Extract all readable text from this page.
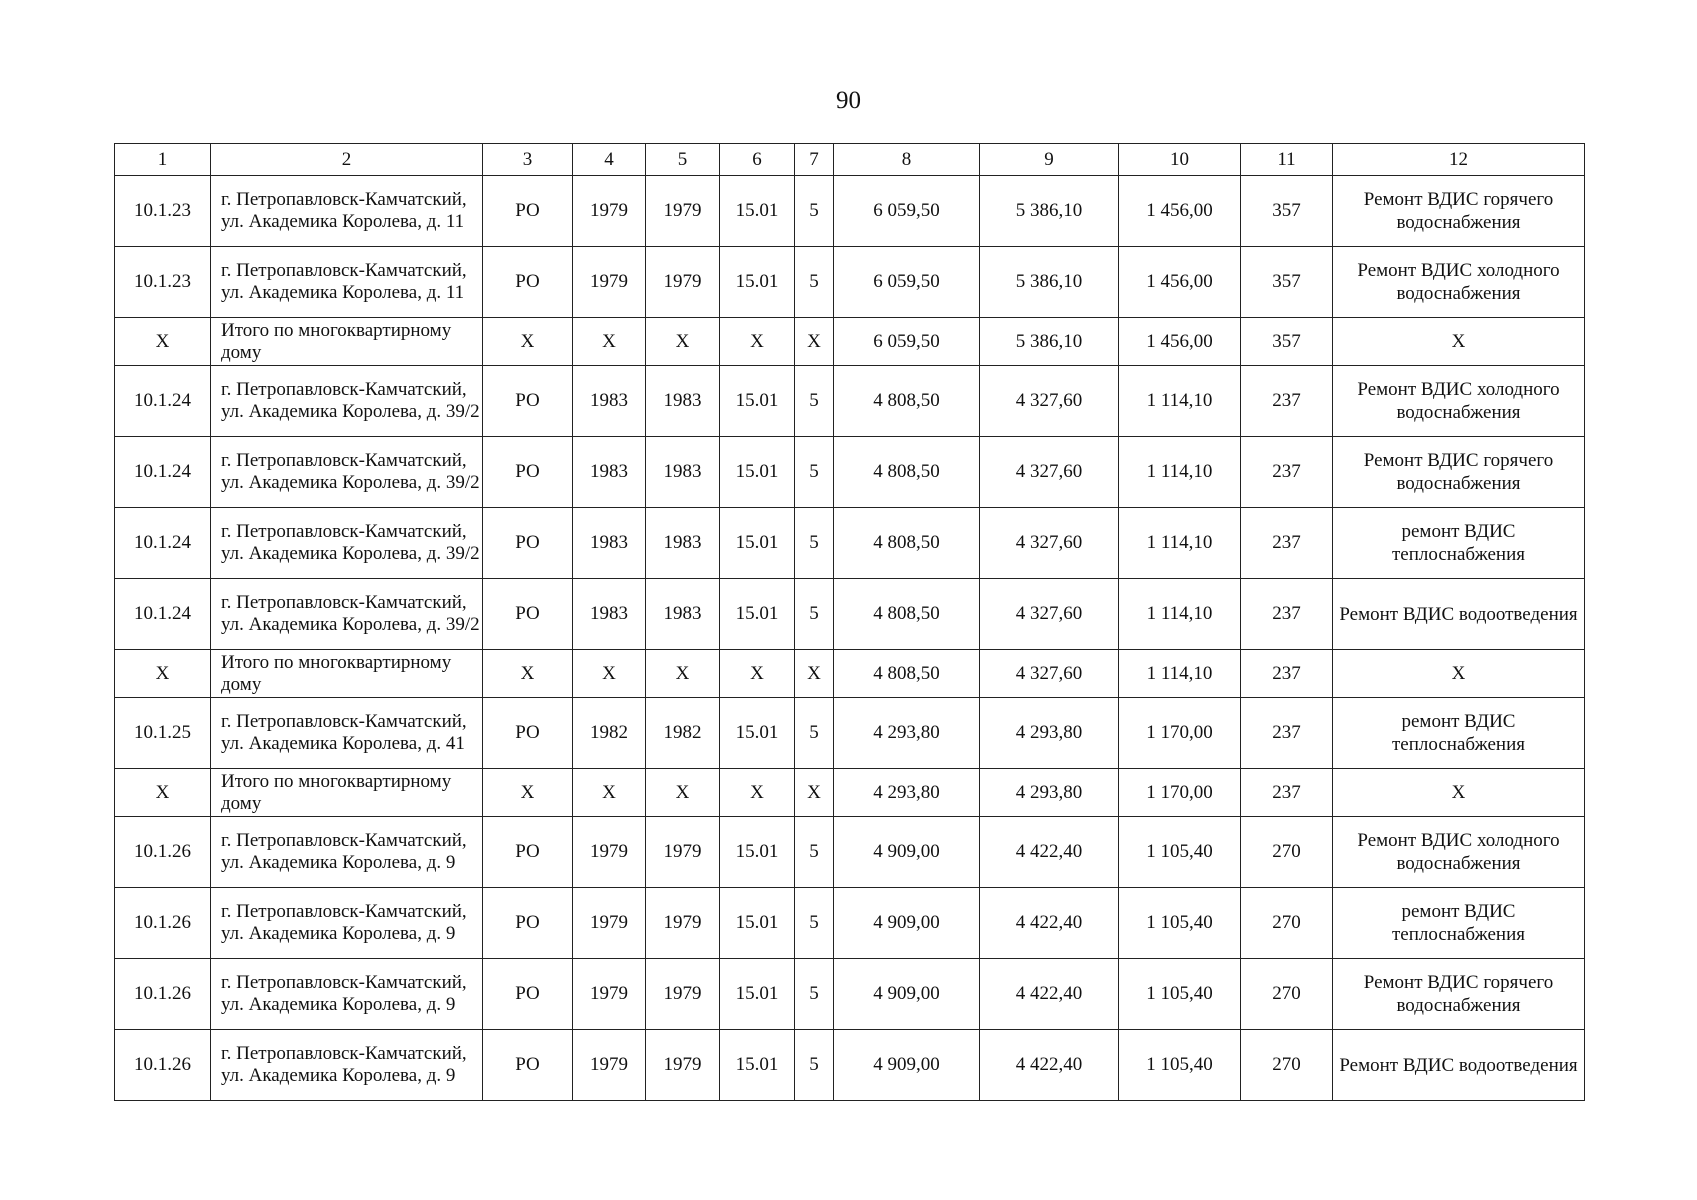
90
1	2	3	4	5	6	7	8	9	10	11	12
10.1.23	г. Петропавловск-Камчатский, ул. Академика Королева, д. 11	РО	1979	1979	15.01	5	6 059,50	5 386,10	1 456,00	357	Ремонт ВДИС горячего водоснабжения
10.1.23	г. Петропавловск-Камчатский, ул. Академика Королева, д. 11	РО	1979	1979	15.01	5	6 059,50	5 386,10	1 456,00	357	Ремонт ВДИС холодного водоснабжения
Х	Итого по многоквартирному дому	Х	Х	Х	Х	Х	6 059,50	5 386,10	1 456,00	357	Х
10.1.24	г. Петропавловск-Камчатский, ул. Академика Королева, д. 39/2	РО	1983	1983	15.01	5	4 808,50	4 327,60	1 114,10	237	Ремонт ВДИС холодного водоснабжения
10.1.24	г. Петропавловск-Камчатский, ул. Академика Королева, д. 39/2	РО	1983	1983	15.01	5	4 808,50	4 327,60	1 114,10	237	Ремонт ВДИС горячего водоснабжения
10.1.24	г. Петропавловск-Камчатский, ул. Академика Королева, д. 39/2	РО	1983	1983	15.01	5	4 808,50	4 327,60	1 114,10	237	ремонт ВДИС теплоснабжения
10.1.24	г. Петропавловск-Камчатский, ул. Академика Королева, д. 39/2	РО	1983	1983	15.01	5	4 808,50	4 327,60	1 114,10	237	Ремонт ВДИС водоотведения
Х	Итого по многоквартирному дому	Х	Х	Х	Х	Х	4 808,50	4 327,60	1 114,10	237	Х
10.1.25	г. Петропавловск-Камчатский, ул. Академика Королева, д. 41	РО	1982	1982	15.01	5	4 293,80	4 293,80	1 170,00	237	ремонт ВДИС теплоснабжения
Х	Итого по многоквартирному дому	Х	Х	Х	Х	Х	4 293,80	4 293,80	1 170,00	237	Х
10.1.26	г. Петропавловск-Камчатский, ул. Академика Королева, д. 9	РО	1979	1979	15.01	5	4 909,00	4 422,40	1 105,40	270	Ремонт ВДИС холодного водоснабжения
10.1.26	г. Петропавловск-Камчатский, ул. Академика Королева, д. 9	РО	1979	1979	15.01	5	4 909,00	4 422,40	1 105,40	270	ремонт ВДИС теплоснабжения
10.1.26	г. Петропавловск-Камчатский, ул. Академика Королева, д. 9	РО	1979	1979	15.01	5	4 909,00	4 422,40	1 105,40	270	Ремонт ВДИС горячего водоснабжения
10.1.26	г. Петропавловск-Камчатский, ул. Академика Королева, д. 9	РО	1979	1979	15.01	5	4 909,00	4 422,40	1 105,40	270	Ремонт ВДИС водоотведения
